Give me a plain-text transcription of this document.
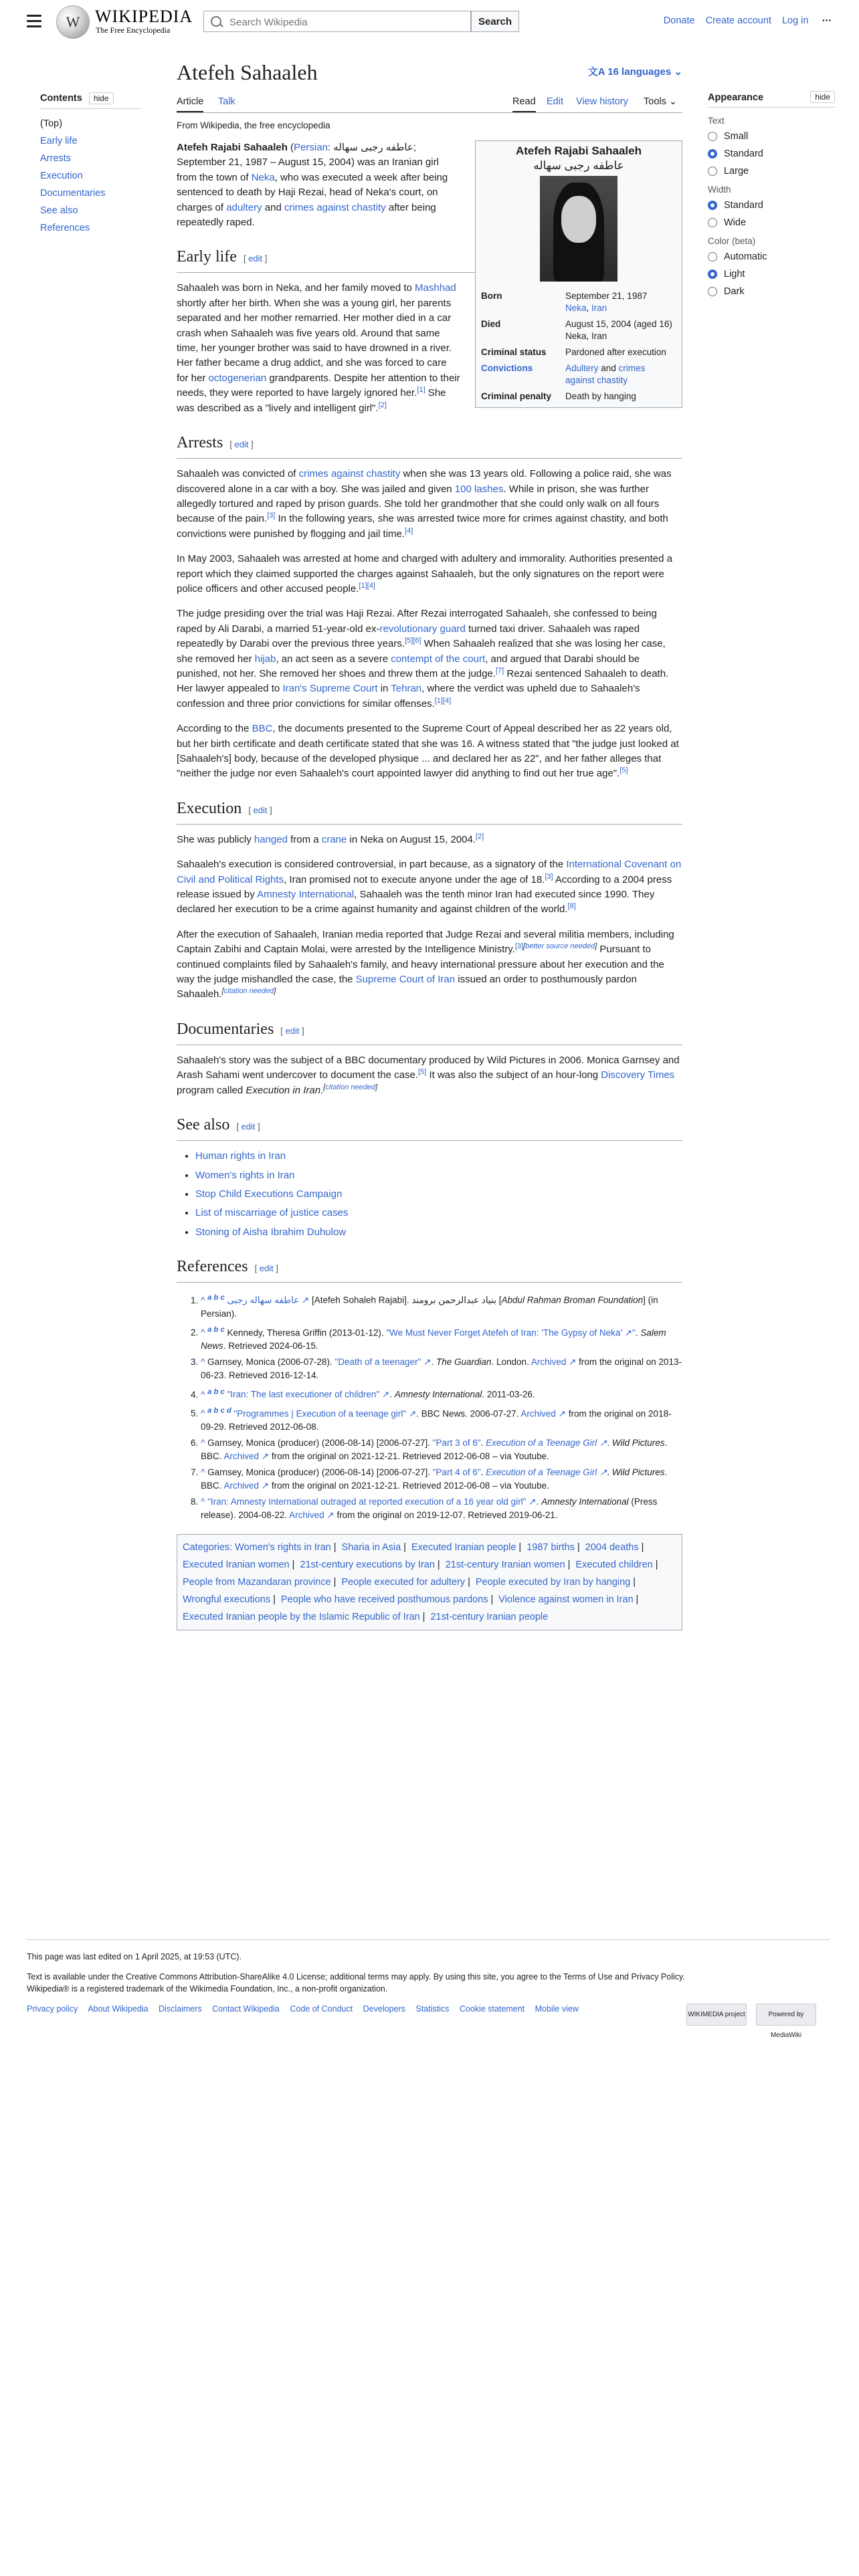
W WIKIPEDIA
The Free Encyclopedia
Search Wikipedia
Search	Donate Create account Log in ⋯
Contents hide
(Top)
Early life
Arrests
Execution
Documentaries
See also
References
Appearance	hide
Text
Small
Standard
Large
Width
Standard
Wide
Color (beta)
Automatic
Light
Dark
Atefeh Sahaaleh	文A 16 languages ⌄
Article Talk	Read Edit View history Tools ⌄
From Wikipedia, the free encyclopedia
Atefeh Rajabi Sahaaleh
عاطفه رجبی سهاله
Born	September 21, 1987
Neka, Iran
Died	August 15, 2004 (aged 16)
Neka, Iran
Criminal status	Pardoned after execution
Convictions	Adultery and crimes against chastity
Criminal penalty	Death by hanging

Atefeh Rajabi Sahaaleh (Persian: عاطفه رجبی سهاله; September 21, 1987 – August 15, 2004) was an Iranian girl from the town of Neka, who was executed a week after being sentenced to death by Haji Rezai, head of Neka's court, on charges of adultery and crimes against chastity after being repeatedly raped.

Early life [ edit ]

Sahaaleh was born in Neka, and her family moved to Mashhad shortly after her birth. When she was a young girl, her parents separated and her mother remarried. Her mother died in a car crash when Sahaaleh was five years old. Around that same time, her younger brother was said to have drowned in a river. Her father became a drug addict, and she was forced to care for her octogenerian grandparents. Despite her attention to their needs, they were reported to have largely ignored her.[1] She was described as a "lively and intelligent girl".[2]

Arrests [ edit ]

Sahaaleh was convicted of crimes against chastity when she was 13 years old. Following a police raid, she was discovered alone in a car with a boy. She was jailed and given 100 lashes. While in prison, she was further allegedly tortured and raped by prison guards. She told her grandmother that she could only walk on all fours because of the pain.[3] In the following years, she was arrested twice more for crimes against chastity, and both convictions were punished by flogging and jail time.[4]

In May 2003, Sahaaleh was arrested at home and charged with adultery and immorality. Authorities presented a report which they claimed supported the charges against Sahaaleh, but the only signatures on the report were police officers and other accused people.[1][4]

The judge presiding over the trial was Haji Rezai. After Rezai interrogated Sahaaleh, she confessed to being raped by Ali Darabi, a married 51-year-old ex-revolutionary guard turned taxi driver. Sahaaleh was raped repeatedly by Darabi over the previous three years.[5][6] When Sahaaleh realized that she was losing her case, she removed her hijab, an act seen as a severe contempt of the court, and argued that Darabi should be punished, not her. She removed her shoes and threw them at the judge.[7] Rezai sentenced Sahaaleh to death. Her lawyer appealed to Iran's Supreme Court in Tehran, where the verdict was upheld due to Sahaaleh's confession and three prior convictions for similar offenses.[1][4]

According to the BBC, the documents presented to the Supreme Court of Appeal described her as 22 years old, but her birth certificate and death certificate stated that she was 16. A witness stated that "the judge just looked at [Sahaaleh's] body, because of the developed physique ... and declared her as 22", and her father alleges that "neither the judge nor even Sahaaleh's court appointed lawyer did anything to find out her true age".[5]

Execution [ edit ]

She was publicly hanged from a crane in Neka on August 15, 2004.[2]

Sahaaleh's execution is considered controversial, in part because, as a signatory of the International Covenant on Civil and Political Rights, Iran promised not to execute anyone under the age of 18.[3] According to a 2004 press release issued by Amnesty International, Sahaaleh was the tenth minor Iran had executed since 1990. They declared her execution to be a crime against humanity and against children of the world.[8]

After the execution of Sahaaleh, Iranian media reported that Judge Rezai and several militia members, including Captain Zabihi and Captain Molai, were arrested by the Intelligence Ministry.[3][better source needed] Pursuant to continued complaints filed by Sahaaleh's family, and heavy international pressure about her execution and the way the judge mishandled the case, the Supreme Court of Iran issued an order to posthumously pardon Sahaaleh.[citation needed]

Documentaries [ edit ]

Sahaaleh's story was the subject of a BBC documentary produced by Wild Pictures in 2006. Monica Garnsey and Arash Sahami went undercover to document the case.[5] It was also the subject of an hour-long Discovery Times program called Execution in Iran.[citation needed]

See also [ edit ]
• Human rights in Iran
• Women's rights in Iran
• Stop Child Executions Campaign
• List of miscarriage of justice cases
• Stoning of Aisha Ibrahim Duhulow
References [ edit ]
1. ^ $^{a b c}$ عاطفه سهاله رجبی ↗ [Atefeh Sohaleh Rajabi]. بنیاد عبدالرحمن برومند [Abdul Rahman Broman Foundation] (in Persian).
2. ^ $^{a b c}$ Kennedy, Theresa Griffin (2013-01-12). "We Must Never Forget Atefeh of Iran: 'The Gypsy of Neka' ↗". Salem News. Retrieved 2024-06-15.
3. ^ Garnsey, Monica (2006-07-28). "Death of a teenager" ↗. The Guardian. London. Archived ↗ from the original on 2013-06-23. Retrieved 2016-12-14.
4. ^ $^{a b c}$ "Iran: The last executioner of children" ↗. Amnesty International. 2011-03-26.
5. ^ $^{a b c d}$ "Programmes | Execution of a teenage girl" ↗. BBC News. 2006-07-27. Archived ↗ from the original on 2018-09-29. Retrieved 2012-06-08.
6. ^ Garnsey, Monica (producer) (2006-08-14) [2006-07-27]. "Part 3 of 6". Execution of a Teenage Girl ↗. Wild Pictures. BBC. Archived ↗ from the original on 2021-12-21. Retrieved 2012-06-08 – via Youtube.
7. ^ Garnsey, Monica (producer) (2006-08-14) [2006-07-27]. "Part 4 of 6". Execution of a Teenage Girl ↗. Wild Pictures. BBC. Archived ↗ from the original on 2021-12-21. Retrieved 2012-06-08 – via Youtube.
8. ^ "Iran: Amnesty International outraged at reported execution of a 16 year old girl" ↗. Amnesty International (Press release). 2004-08-22. Archived ↗ from the original on 2019-12-07. Retrieved 2019-06-21.
Categories: Women's rights in Iran | Sharia in Asia | Executed Iranian people | 1987 births | 2004 deaths | Executed Iranian women | 21st-century executions by Iran | 21st-century Iranian women | Executed children | People from Mazandaran province | People executed for adultery | People executed by Iran by hanging | Wrongful executions | People who have received posthumous pardons | Violence against women in Iran | Executed Iranian people by the Islamic Republic of Iran | 21st-century Iranian people
This page was last edited on 1 April 2025, at 19:53 (UTC).
Text is available under the Creative Commons Attribution-ShareAlike 4.0 License; additional terms may apply. By using this site, you agree to the Terms of Use and Privacy Policy. Wikipedia® is a registered trademark of the Wikimedia Foundation, Inc., a non-profit organization.
Privacy policy About Wikipedia Disclaimers Contact Wikipedia Code of Conduct Developers Statistics Cookie statement Mobile view
WIKIMEDIA project	Powered by MediaWiki
